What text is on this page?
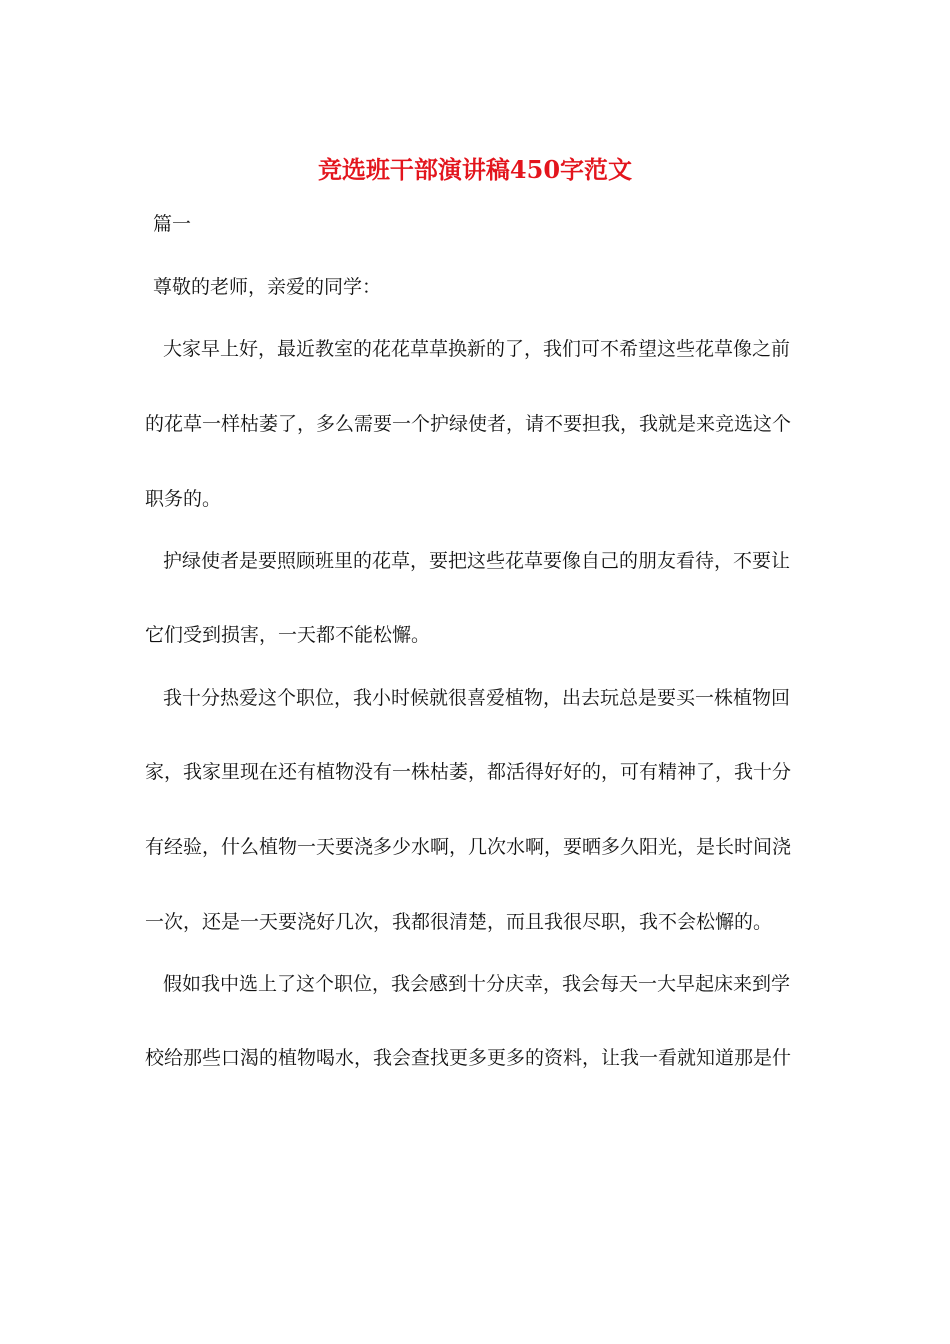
竞选班干部演讲稿450字范文

篇一

尊敬的老师，亲爱的同学：

大家早上好，最近教室的花花草草换新的了，我们可不希望这些花草像之前

的花草一样枯萎了，多么需要一个护绿使者，请不要担我，我就是来竞选这个

职务的。

护绿使者是要照顾班里的花草，要把这些花草要像自己的朋友看待，不要让

它们受到损害，一天都不能松懈。

我十分热爱这个职位，我小时候就很喜爱植物，出去玩总是要买一株植物回

家，我家里现在还有植物没有一株枯萎，都活得好好的，可有精神了，我十分

有经验，什么植物一天要浇多少水啊，几次水啊，要晒多久阳光，是长时间浇

一次，还是一天要浇好几次，我都很清楚，而且我很尽职，我不会松懈的。

假如我中选上了这个职位，我会感到十分庆幸，我会每天一大早起床来到学

校给那些口渴的植物喝水，我会查找更多更多的资料，让我一看就知道那是什
